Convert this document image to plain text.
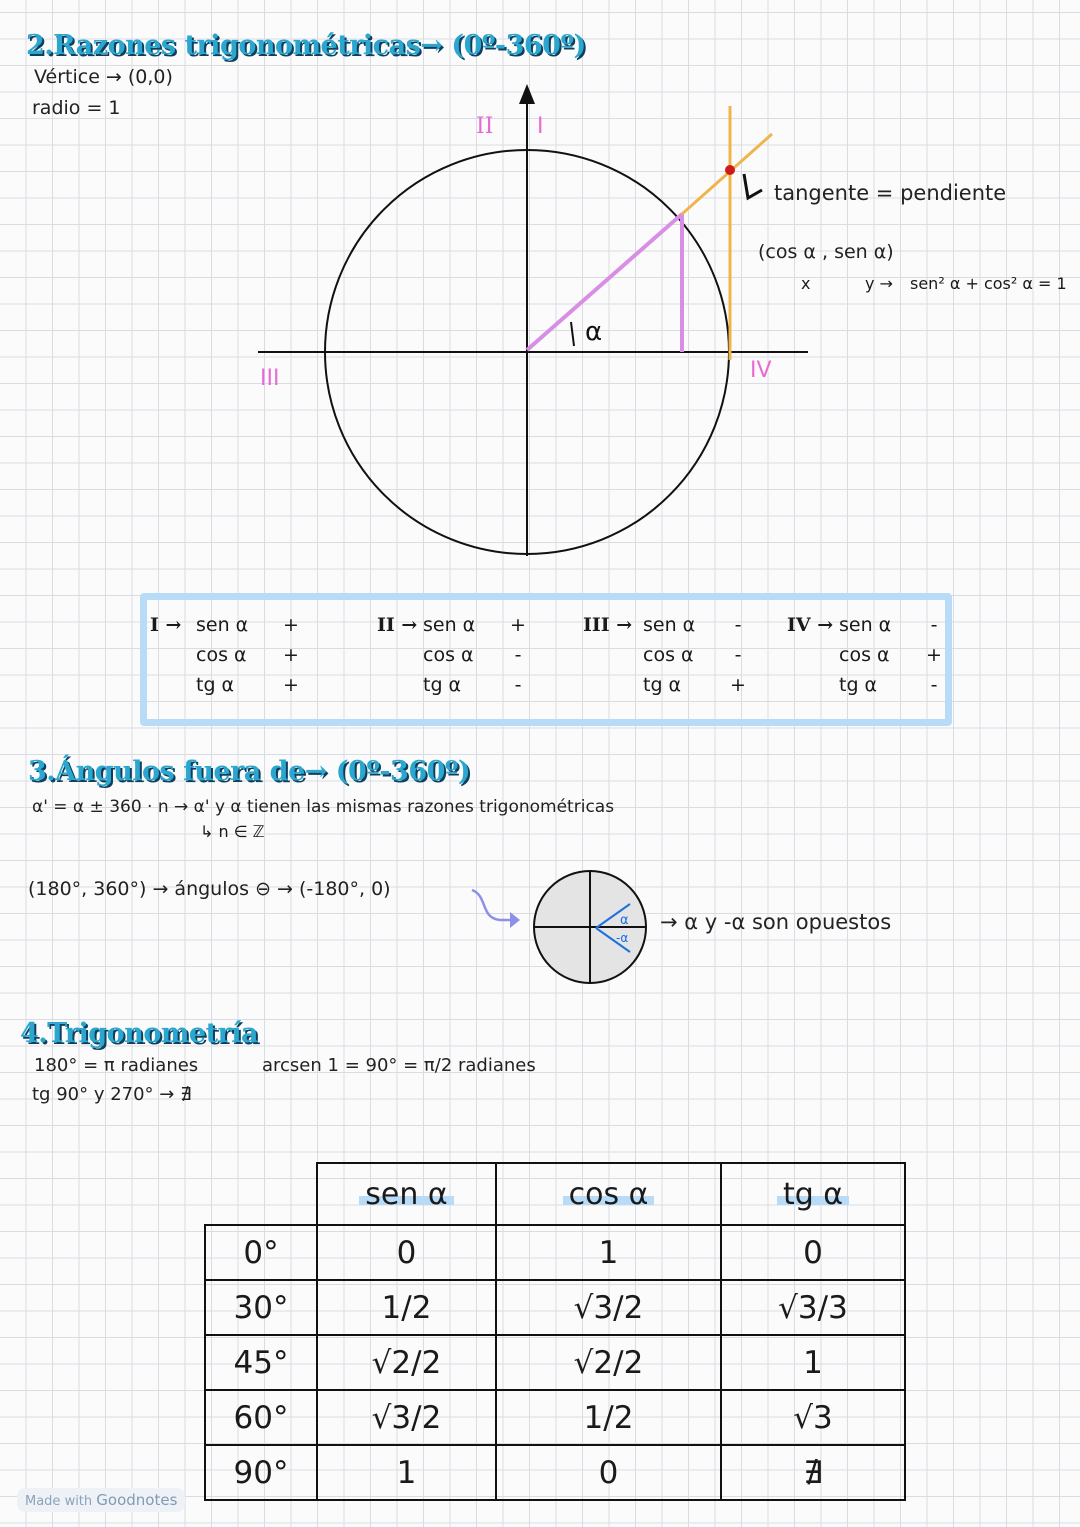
2.Razones trigonométricas→ (0º-360º)
Vértice → (0,0)
radio = 1
α
II I
III	IV
tangente = pendiente
(cos α , sen α)
x	y → sen² α + cos² α = 1
I → sen α	+
cos α	+
tg α	+
II → sen α	+
cos α	-
tg α	-
III → sen α	-
cos α	-
tg α	+
IV → sen α	-
cos α	+
tg α	-
3.Ángulos fuera de→ (0º-360º)
α' = α ± 360 · n → α' y α tienen las mismas razones trigonométricas
↳ n ∈ ℤ
(180°, 360°) → ángulos ⊖ → (-180°, 0)
α
-α
→ α y -α son opuestos
4.Trigonometría
180° = π radianes	arcsen 1 = 90° = π/2 radianes
tg 90° y 270° → ∄
	sen α	cos α	tg α
0°	0	1	0
30°	1/2	√3/2	√3/3
45°	√2/2	√2/2	1
60°	√3/2	1/2	√3
90°	1	0	∄
Made with Goodnotes
